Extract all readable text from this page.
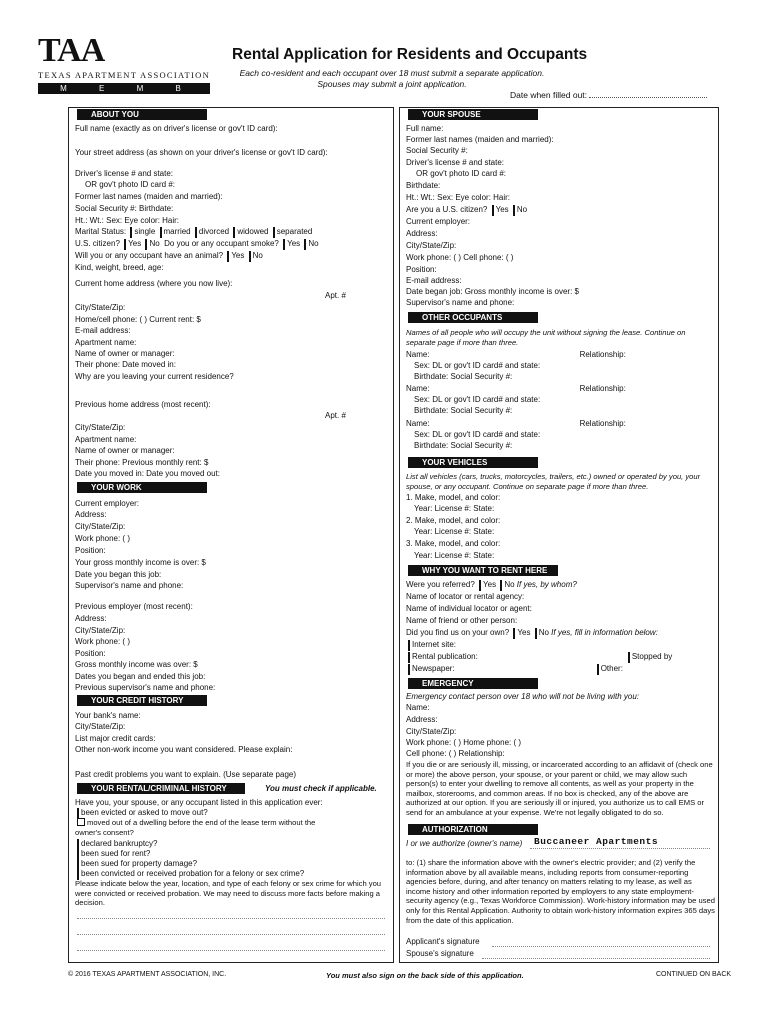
TAA
TEXAS APARTMENT ASSOCIATION
M E M B E R
Rental Application for Residents and Occupants
Each co-resident and each occupant over 18 must submit a separate application.
Spouses may submit a joint application.
Date when filled out:
ABOUT YOU
Full name (exactly as on driver's license or gov't ID card):
Your street address (as shown on your driver's license or gov't ID card):
Driver's license # and state:
OR gov't photo ID card #:
Former last names (maiden and married):
Social Security #: Birthdate:
Ht.: Wt.: Sex: Eye color: Hair:
Marital Status: single married divorced widowed separated
U.S. citizen? Yes No Do you or any occupant smoke? Yes No
Will you or any occupant have an animal? Yes No
Kind, weight, breed, age:
Current home address (where you now live):
Apt. #
City/State/Zip:
Home/cell phone: ( ) Current rent: $
E-mail address:
Apartment name:
Name of owner or manager:
Their phone: Date moved in:
Why are you leaving your current residence?
Previous home address (most recent):
Apt. #
City/State/Zip:
Apartment name:
Name of owner or manager:
Their phone: Previous monthly rent: $
Date you moved in: Date you moved out:
YOUR WORK
Current employer:
Address:
City/State/Zip:
Work phone: ( )
Position:
Your gross monthly income is over: $
Date you began this job:
Supervisor's name and phone:
Previous employer (most recent):
Address:
City/State/Zip:
Work phone: ( )
Position:
Gross monthly income was over: $
Dates you began and ended this job:
Previous supervisor's name and phone:
YOUR CREDIT HISTORY
Your bank's name:
City/State/Zip:
List major credit cards:
Other non-work income you want considered. Please explain:
Past credit problems you want to explain. (Use separate page)
YOUR RENTAL/CRIMINAL HISTORY	You must check if applicable.
Have you, your spouse, or any occupant listed in this application ever:
been evicted or asked to move out?
moved out of a dwelling before the end of the lease term without the owner's consent?
declared bankruptcy?
been sued for rent?
been sued for property damage?
been convicted or received probation for a felony or sex crime?
Please indicate below the year, location, and type of each felony or sex crime for which you were convicted or received probation. We may need to discuss more facts before making a decision.
YOUR SPOUSE
Full name:
Former last names (maiden and married):
Social Security #:
Driver's license # and state:
OR gov't photo ID card #:
Birthdate:
Ht.: Wt.: Sex: Eye color: Hair:
Are you a U.S. citizen? Yes No
Current employer:
Address:
City/State/Zip:
Work phone: ( ) Cell phone: ( )
Position:
E-mail address:
Date began job: Gross monthly income is over: $
Supervisor's name and phone:
OTHER OCCUPANTS
Names of all people who will occupy the unit without signing the lease. Continue on separate page if more than three.
Name:	Relationship:
Sex: DL or gov't ID card# and state:
Birthdate: Social Security #:
Name:	Relationship:
Sex: DL or gov't ID card# and state:
Birthdate: Social Security #:
Name:	Relationship:
Sex: DL or gov't ID card# and state:
Birthdate: Social Security #:
YOUR VEHICLES
List all vehicles (cars, trucks, motorcycles, trailers, etc.) owned or operated by you, your spouse, or any occupant. Continue on separate page if more than three.
1. Make, model, and color:
Year: License #: State:
2. Make, model, and color:
Year: License #: State:
3. Make, model, and color:
Year: License #: State:
WHY YOU WANT TO RENT HERE
Were you referred? Yes No If yes, by whom?
Name of locator or rental agency:
Name of individual locator or agent:
Name of friend or other person:
Did you find us on your own? Yes No If yes, fill in information below:
Internet site:
Rental publication:	Stopped by
Newspaper:	Other:
EMERGENCY
Emergency contact person over 18 who will not be living with you:
Name:
Address:
City/State/Zip:
Work phone: ( ) Home phone: ( )
Cell phone: ( ) Relationship:
If you die or are seriously ill, missing, or incarcerated according to an affidavit of (check one or more) the above person, your spouse, or your parent or child, we may allow such person(s) to enter your dwelling to remove all contents, as well as your property in the mailbox, storerooms, and common areas. If no box is checked, any of the above are authorized at our option. If you are seriously ill or injured, you authorize us to call EMS or send for an ambulance at your expense. We're not legally obligated to do so.
AUTHORIZATION
I or we authorize (owner's name)	Buccaneer Apartments
to: (1) share the information above with the owner's electric provider; and (2) verify the information above by all available means, including reports from consumer-reporting agencies before, during, and after tenancy on matters relating to my lease, as well as income history and other information reported by employers to any state employment-security agency (e.g., Texas Workforce Commission). Work-history information may be used only for this Rental Application. Authority to obtain work-history information expires 365 days from the date of this application.
Applicant's signature
Spouse's signature
© 2016 TEXAS APARTMENT ASSOCIATION, INC.	You must also sign on the back side of this application.	CONTINUED ON BACK
